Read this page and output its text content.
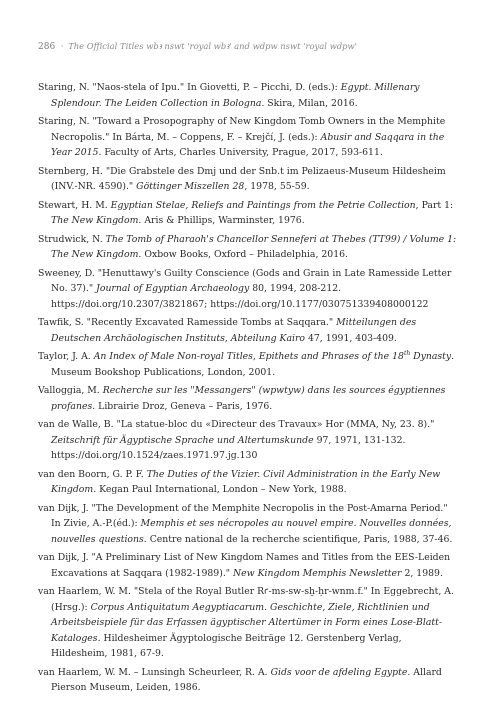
286 · The Official Titles wbꜣ nswt 'royal wbꜣ' and wdpw nswt 'royal wdpw'

Staring, N. "Naos-stela of Ipu." In Giovetti, P. – Picchi, D. (eds.): Egypt. Millenary Splendour. The Leiden Collection in Bologna. Skira, Milan, 2016.

Staring, N. "Toward a Prosopography of New Kingdom Tomb Owners in the Memphite Necropolis." In Bárta, M. – Coppens, F. – Krejčí, J. (eds.): Abusir and Saqqara in the Year 2015. Faculty of Arts, Charles University, Prague, 2017, 593-611.

Sternberg, H. "Die Grabstele des Dmj und der Snb.t im Pelizaeus-Museum Hildesheim (INV.-NR. 4590)." Göttinger Miszellen 28, 1978, 55-59.

Stewart, H. M. Egyptian Stelae, Reliefs and Paintings from the Petrie Collection, Part 1: The New Kingdom. Aris & Phillips, Warminster, 1976.

Strudwick, N. The Tomb of Pharaoh's Chancellor Senneferi at Thebes (TT99) / Volume 1: The New Kingdom. Oxbow Books, Oxford – Philadelphia, 2016.

Sweeney, D. "Henuttawy's Guilty Conscience (Gods and Grain in Late Ramesside Letter No. 37)." Journal of Egyptian Archaeology 80, 1994, 208-212. https://doi.org/10.2307/3821867; https://doi.org/10.1177/030751339408000122

Tawfik, S. "Recently Excavated Ramesside Tombs at Saqqara." Mitteilungen des Deutschen Archäologischen Instituts, Abteilung Kairo 47, 1991, 403-409.

Taylor, J. A. An Index of Male Non-royal Titles, Epithets and Phrases of the 18th Dynasty. Museum Bookshop Publications, London, 2001.

Valloggia, M. Recherche sur les "Messangers" (wpwtyw) dans les sources égyptiennes profanes. Librairie Droz, Geneva – Paris, 1976.

van de Walle, B. "La statue-bloc du «Directeur des Travaux» Hor (MMA, Ny, 23. 8)." Zeitschrift für Ägyptische Sprache und Altertumskunde 97, 1971, 131-132. https://doi.org/10.1524/zaes.1971.97.jg.130

van den Boorn, G. P. F. The Duties of the Vizier. Civil Administration in the Early New Kingdom. Kegan Paul International, London – New York, 1988.

van Dijk, J. "The Development of the Memphite Necropolis in the Post-Amarna Period." In Zivie, A.-P.(éd.): Memphis et ses nécropoles au nouvel empire. Nouvelles données, nouvelles questions. Centre national de la recherche scientifique, Paris, 1988, 37-46.

van Dijk, J. "A Preliminary List of New Kingdom Names and Titles from the EES-Leiden Excavations at Saqqara (1982-1989)." New Kingdom Memphis Newsletter 2, 1989.

van Haarlem, W. M. "Stela of the Royal Butler Rꜥ-ms-sw-sḫ-ḥr-wnm.f." In Eggebrecht, A. (Hrsg.): Corpus Antiquitatum Aegyptiacarum. Geschichte, Ziele, Richtlinien und Arbeitsbeispiele für das Erfassen ägyptischer Altertümer in Form eines Lose-Blatt-Kataloges. Hildesheimer Ägyptologische Beiträge 12. Gerstenberg Verlag, Hildesheim, 1981, 67-9.

van Haarlem, W. M. – Lunsingh Scheurleer, R. A. Gids voor de afdeling Egypte. Allard Pierson Museum, Leiden, 1986.
